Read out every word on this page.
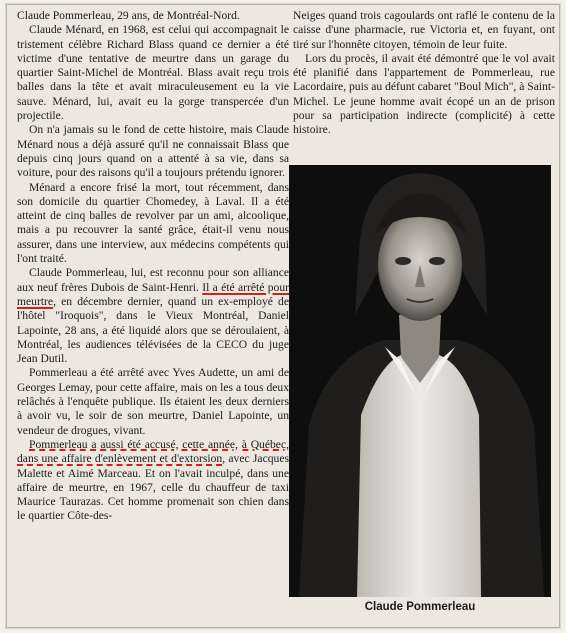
Claude Pommerleau, 29 ans, de Montréal-Nord.

Claude Ménard, en 1968, est celui qui accompagnait le tristement célèbre Richard Blass quand ce dernier a été victime d'une tentative de meurtre dans un garage du quartier Saint-Michel de Montréal. Blass avait reçu trois balles dans la tête et avait miraculeusement eu la vie sauve. Ménard, lui, avait eu la gorge transpercée d'un projectile.

On n'a jamais su le fond de cette histoire, mais Claude Ménard nous a déjà assuré qu'il ne connaissait Blass que depuis cinq jours quand on a attenté à sa vie, dans sa voiture, pour des raisons qu'il a toujours prétendu ignorer.

Ménard a encore frisé la mort, tout récemment, dans son domicile du quartier Chomedey, à Laval. Il a été atteint de cinq balles de revolver par un ami, alcoolique, mais a pu recouvrer la santé grâce, était-il venu nous assurer, dans une interview, aux médecins compétents qui l'ont traité.

Claude Pommerleau, lui, est reconnu pour son alliance aux neuf frères Dubois de Saint-Henri. Il a été arrêté pour meurtre, en décembre dernier, quand un ex-employé de l'hôtel "Iroquois", dans le Vieux Montréal, Daniel Lapointe, 28 ans, a été liquidé alors que se déroulaient, à Montréal, les audiences télévisées de la CECO du juge Jean Dutil.

Pommerleau a été arrêté avec Yves Audette, un ami de Georges Lemay, pour cette affaire, mais on les a tous deux relâchés à l'enquête publique. Ils étaient les deux derniers à avoir vu, le soir de son meurtre, Daniel Lapointe, un vendeur de drogues, vivant.

Pommerleau a aussi été accusé, cette année, à Québec, dans une affaire d'enlèvement et d'extorsion, avec Jacques Malette et Aimé Marceau. Et on l'avait inculpé, dans une affaire de meurtre, en 1967, celle du chauffeur de taxi Maurice Taurazas. Cet homme promenait son chien dans le quartier Côte-des-

Neiges quand trois cagoulards ont raflé le contenu de la caisse d'une pharmacie, rue Victoria et, en fuyant, ont tiré sur l'honnête citoyen, témoin de leur fuite.

Lors du procès, il avait été démontré que le vol avait été planifié dans l'appartement de Pommerleau, rue Lacordaire, puis au défunt cabaret "Boul Mich", à Saint-Michel. Le jeune homme avait écopé un an de prison pour sa participation indirecte (complicité) à cette histoire.

Claude Pommerleau
